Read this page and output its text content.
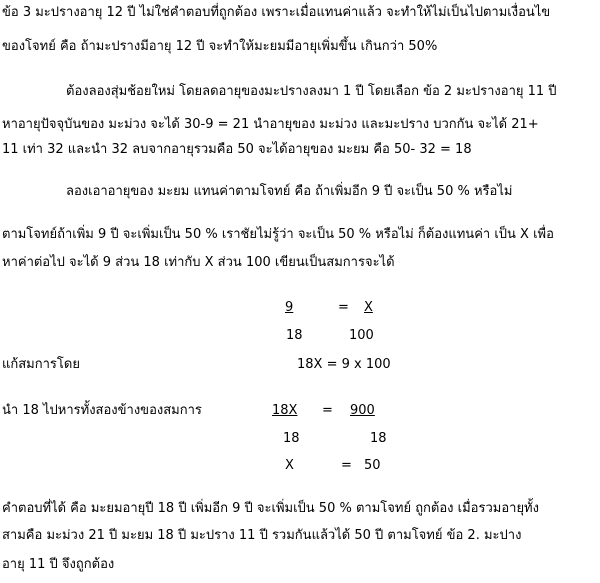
ข้อ 3 มะปรางอายุ 12 ปี ไม่ใช่คำตอบที่ถูกต้อง เพราะเมื่อแทนค่าแล้ว จะทำให้ไม่เป็นไปตามเงื่อนไข
ของโจทย์ คือ ถ้ามะปรางมีอายุ 12 ปี จะทำให้มะยมมีอายุเพิ่มขึ้น เกินกว่า 50%
ต้องลองสุ่มช้อยใหม่ โดยลดอายุของมะปรางลงมา 1 ปี โดยเลือก ข้อ 2 มะปรางอายุ 11 ปี
หาอายุปัจจุบันของ มะม่วง จะได้ 30-9 = 21 นำอายุของ มะม่วง และมะปราง บวกกัน จะได้ 21+
11 เท่า 32 และนำ 32 ลบจากอายุรวมคือ 50 จะได้อายุของ มะยม คือ 50- 32 = 18
ลองเอาอายุของ มะยม แทนค่าตามโจทย์ คือ ถ้าเพิ่มอีก 9 ปี จะเป็น 50 % หรือไม่
ตามโจทย์ถ้าเพิ่ม 9 ปี จะเพิ่มเป็น 50 % เราชัยไม่รู้ว่า จะเป็น 50 % หรือไม่ ก็ต้องแทนค่า เป็น X เพื่อ
หาค่าต่อไป จะได้ 9 ส่วน 18 เท่ากับ X ส่วน 100 เขียนเป็นสมการจะได้
9
18
= X
100
แก้สมการโดย	18X = 9 x 100
นำ 18 ไปหารทั้งสองข้างของสมการ	18X
18
= 900
18
X	= 50
คำตอบที่ได้ คือ มะยมอายุปี 18 ปี เพิ่มอีก 9 ปี จะเพิ่มเป็น 50 % ตามโจทย์ ถูกต้อง เมื่อรวมอายุทั้ง
สามคือ มะม่วง 21 ปี มะยม 18 ปี มะปราง 11 ปี รวมกันแล้วได้ 50 ปี ตามโจทย์ ข้อ 2. มะปาง
อายุ 11 ปี จึงถูกต้อง
